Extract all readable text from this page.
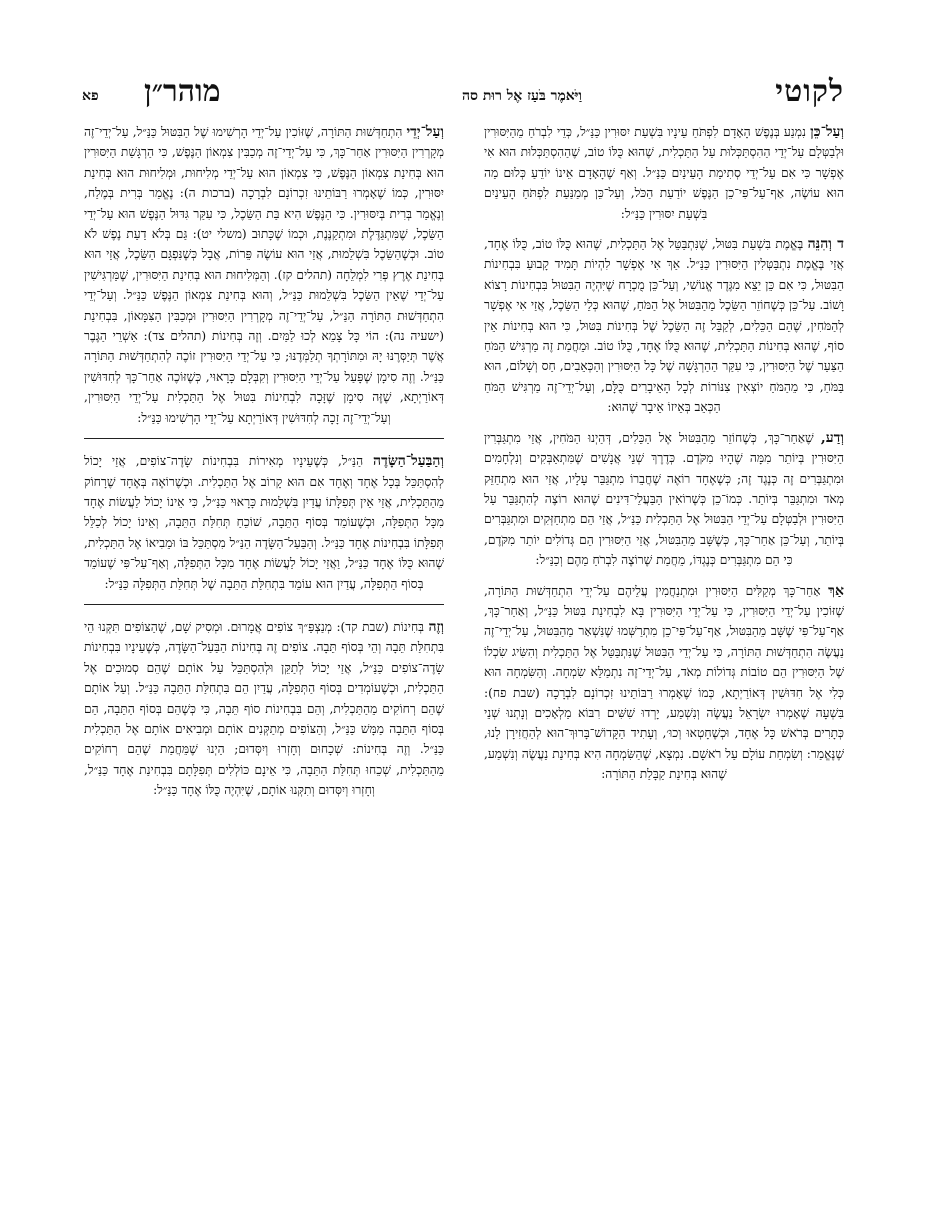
לקוטי
וַיֹּאמֶר בֹּעַז אֶל רוּת סה
מוהר״ן
פא

וְעַל־כֵּן נִמְנַע בְּנֶפֶשׁ הָאָדָם לִפְתֹּחַ עֵינָיו בִּשְׁעַת יִסּוּרִין כַּנַּ״ל, כְּדֵי לִבְרֹחַ מֵהַיִּסּוּרִין וּלְבַטְּלָם עַל־יְדֵי הַהִסְתַּכְּלוּת עַל הַתַּכְלִית, שֶׁהוּא כֻּלּוֹ טוֹב, שֶׁהַהִסְתַּכְּלוּת הוּא אִי אֶפְשָׁר כִּי אִם עַל־יְדֵי סְתִימַת הָעֵינַיִם כַּנַּ״ל. וְאַף שֶׁהָאָדָם אֵינוֹ יוֹדֵעַ כְּלוּם מַה הוּא עוֹשֶׂה, אַף־עַל־פִּי־כֵן הַנֶּפֶשׁ יוֹדַעַת הַכֹּל, וְעַל־כֵּן מְמַנַּעַת לִפְתֹּחַ הָעֵינַיִם בִּשְׁעַת יִסּוּרִין כַּנַּ״ל:

ד וְהִנֵּה בֶּאֱמֶת בִּשְׁעַת בִּטּוּל, שֶׁנִּתְבַּטֵּל אֶל הַתַּכְלִית, שֶׁהוּא כֻּלּוֹ טוֹב, כֻּלּוֹ אֶחָד, אֲזַי בֶּאֱמֶת נִתְבַּטְּלִין הַיִּסּוּרִין כַּנַּ״ל. אַךְ אִי אֶפְשָׁר לִהְיוֹת תָּמִיד קָבוּעַ בִּבְחִינוֹת הַבִּטּוּל, כִּי אִם כֵּן יֵצֵא מִגֶּדֶר אֱנוֹשִׁי, וְעַל־כֵּן מֻכְרָח שֶׁיִּהְיֶה הַבִּטּוּל בִּבְחִינוֹת רָצוֹא וָשׁוֹב. עַל־כֵּן כְּשֶׁחוֹזֵר הַשֵּׂכֶל מֵהַבִּטּוּל אֶל הַמֹּחַ, שֶׁהוּא כְּלֵי הַשֵּׂכֶל, אֲזַי אִי אֶפְשָׁר לְהַמֹּחִין, שֶׁהֵם הַכֵּלִים, לְקַבֵּל זֶה הַשֵּׂכֶל שֶׁל בְּחִינוֹת בִּטּוּל, כִּי הוּא בְּחִינוֹת אֵין סוֹף, שֶׁהוּא בְּחִינוֹת הַתַּכְלִית, שֶׁהוּא כֻּלּוֹ אֶחָד, כֻּלּוֹ טוֹב. וּמֵחֲמַת זֶה מַרְגִּישׁ הַמֹּחַ הַצַּעַר שֶׁל הַיִּסּוּרִין, כִּי עִקַּר הַהַרְגָּשָׁה שֶׁל כָּל הַיִּסּוּרִין וְהַכְּאֵבִים, חַס וְשָׁלוֹם, הוּא בַּמֹּחַ, כִּי מֵהַמֹּחַ יוֹצְאִין צִנּוֹרוֹת לְכָל הָאֵיבָרִים כֻּלָּם, וְעַל־יְדֵי־זֶה מַרְגִּישׁ הַמֹּחַ הַכְּאֵב בְּאֵיזוֹ אֵיבָר שֶׁהוּא:

וְדַע, שֶׁאַחַר־כָּךְ, כְּשֶׁחוֹזֵר מֵהַבִּטּוּל אֶל הַכֵּלִים, דְּהַיְנוּ הַמֹּחִין, אֲזַי מִתְגַּבְּרִין הַיִּסּוּרִין בְּיוֹתֵר מִמָּה שֶׁהָיוּ מִקֹּדֶם. כְּדֶרֶךְ שְׁנֵי אֲנָשִׁים שֶׁמִּתְאַבְּקִים וְנִלְחָמִים וּמִתְגַּבְּרִים זֶה כְּנֶגֶד זֶה; כְּשֶׁאֶחָד רוֹאֶה שֶׁחֲבֵרוֹ מִתְגַּבֵּר עָלָיו, אֲזַי הוּא מִתְחַזֵּק מְאֹד וּמִתְגַּבֵּר בְּיוֹתֵר. כְּמוֹ־כֵן כְּשֶׁרוֹאִין הַבַּעֲלֵי־דִּינִים שֶׁהוּא רוֹצֶה לְהִתְגַּבֵּר עַל הַיִּסּוּרִין וּלְבַטְּלָם עַל־יְדֵי הַבִּטּוּל אֶל הַתַּכְלִית כַּנַּ״ל, אֲזַי הֵם מִתְחַזְּקִים וּמִתְגַּבְּרִים בְּיוֹתֵר, וְעַל־כֵּן אַחַר־כָּךְ, כְּשֶׁשָּׁב מֵהַבִּטּוּל, אֲזַי הַיִּסּוּרִין הֵם גְּדוֹלִים יוֹתֵר מִקֹּדֶם, כִּי הֵם מִתְגַּבְּרִים כְּנֶגְדּוֹ, מֵחֲמַת שֶׁרוֹצֶה לִבְרֹחַ מֵהֶם וְכַנַּ״ל:

אַךְ אַחַר־כָּךְ מְקַלִּים הַיִּסּוּרִין וּמִתְנַחֲמִין עֲלֵיהֶם עַל־יְדֵי הִתְחַדְּשׁוּת הַתּוֹרָה, שֶׁזּוֹכִין עַל־יְדֵי הַיִּסּוּרִין, כִּי עַל־יְדֵי הַיִּסּוּרִין בָּא לִבְחִינַת בִּטּוּל כַּנַּ״ל, וְאַחַר־כָּךְ, אַף־עַל־פִּי שֶׁשָּׁב מֵהַבִּטּוּל, אַף־עַל־פִּי־כֵן מִתְרַשְּׁמוּ שֶׁנִּשְׁאַר מֵהַבִּטּוּל, עַל־יְדֵי־זֶה נַעֲשֶׂה הִתְחַדְּשׁוּת הַתּוֹרָה, כִּי עַל־יְדֵי הַבִּטּוּל שֶׁנִּתְבַּטֵּל אֶל הַתַּכְלִית וְהִשִּׂיג שִׂכְלוֹ שֶׁל הַיִּסּוּרִין הֵם טוֹבוֹת גְּדוֹלוֹת מְאֹד, עַל־יְדֵי־זֶה נִתְמַלֵּא שִׂמְחָה. וְהַשִּׂמְחָה הוּא כְּלִי אֶל חִדּוּשִׁין דְּאוֹרַיְתָא, כְּמוֹ שֶׁאָמְרוּ רַבּוֹתֵינוּ זִכְרוֹנָם לִבְרָכָה (שבת פח): בִּשְׁעָה שֶׁאָמְרוּ יִשְׂרָאֵל נַעֲשֶׂה וְנִשְׁמַע, יָרְדוּ שִׁשִּׁים רִבּוֹא מַלְאָכִים וְנָתְנוּ שְׁנֵי כְּתָרִים בְּרֹאשׁ כָּל אֶחָד, וּכְשֶׁחָטְאוּ וְכוּ׳, וְעָתִיד הַקָּדוֹשׁ־בָּרוּךְ־הוּא לְהַחֲזִירָן לָנוּ, שֶׁנֶּאֱמַר: וְשִׂמְחַת עוֹלָם עַל רֹאשָׁם. נִמְצָא, שֶׁהַשִּׂמְחָה הִיא בְּחִינַת נַעֲשֶׂה וְנִשְׁמַע, שֶׁהוּא בְּחִינַת קַבָּלַת הַתּוֹרָה:

וְעַל־יְדֵי הִתְחַדְּשׁוּת הַתּוֹרָה, שֶׁזּוֹכִין עַל־יְדֵי הָרְשִׁימוּ שֶׁל הַבִּטּוּל כַּנַּ״ל, עַל־יְדֵי־זֶה מְקָרְרִין הַיִּסּוּרִין אַחַר־כָּךְ, כִּי עַל־יְדֵי־זֶה מְכַבִּין צִמְאוֹן הַנֶּפֶשׁ, כִּי הַרְגָּשַׁת הַיִּסּוּרִין הוּא בְּחִינַת צִמְאוֹן הַנֶּפֶשׁ, כִּי צִמְאוֹן הוּא עַל־יְדֵי מְלִיחוּת, וּמְלִיחוּת הוּא בְּחִינַת יִסּוּרִין, כְּמוֹ שֶׁאָמְרוּ רַבּוֹתֵינוּ זִכְרוֹנָם לִבְרָכָה (ברכות ה): נֶאֱמַר בְּרִית בְּמֶלַח, וְנֶאֱמַר בְּרִית בְּיִסּוּרִין. כִּי הַנֶּפֶשׁ הִיא בַּת הַשֵּׂכֶל, כִּי עִקַּר גִּדּוּל הַנֶּפֶשׁ הוּא עַל־יְדֵי הַשֵּׂכֶל, שֶׁמִּתְגַּדֶּלֶת וּמִתְקַנֶּנֶת, וּכְמוֹ שֶׁכָּתוּב (משלי יט): גַּם בְּלֹא דַעַת נֶפֶשׁ לֹא טוֹב. וּכְשֶׁהַשֵּׂכֶל בִּשְׁלֵמוּת, אֲזַי הוּא עוֹשֶׂה פֵּרוֹת, אֲבָל כְּשֶׁנִּפְגָּם הַשֵּׂכֶל, אֲזַי הוּא בְּחִינַת אֶרֶץ פְּרִי לִמְלֵחָה (תהלים קז). וְהַמְּלִיחוּת הוּא בְּחִינַת הַיִּסּוּרִין, שֶׁמַּרְגִּישִׁין עַל־יְדֵי שֶׁאֵין הַשֵּׂכֶל בִּשְׁלֵמוּת כַּנַּ״ל, וְהוּא בְּחִינַת צִמְאוֹן הַנֶּפֶשׁ כַּנַּ״ל. וְעַל־יְדֵי הִתְחַדְּשׁוּת הַתּוֹרָה הַנַּ״ל, עַל־יְדֵי־זֶה מְקָרְרִין הַיִּסּוּרִין וּמְכַבִּין הַצִּמָּאוֹן, בִּבְחִינַת (ישעיה נה): הוֹי כָּל צָמֵא לְכוּ לַמַּיִם. וְזֶה בְּחִינוֹת (תהלים צד): אַשְׁרֵי הַגֶּבֶר אֲשֶׁר תְּיַסְּרֶנּוּ יָהּ וּמִתּוֹרָתְךָ תְלַמְּדֶנּוּ; כִּי עַל־יְדֵי הַיִּסּוּרִין זוֹכֶה לְהִתְחַדְּשׁוּת הַתּוֹרָה כַּנַּ״ל. וְזֶה סִימָן שֶׁפָּעַל עַל־יְדֵי הַיִּסּוּרִין וְקִבְּלָם כָּרָאוּי, כְּשֶׁזּוֹכֶה אַחַר־כָּךְ לְחִדּוּשִׁין דְּאוֹרַיְתָא, שֶׁזֶּה סִימָן שֶׁזָּכָה לִבְחִינוֹת בִּטּוּל אֶל הַתַּכְלִית עַל־יְדֵי הַיִּסּוּרִין, וְעַל־יְדֵי־זֶה זָכָה לְחִדּוּשִׁין דְּאוֹרַיְתָא עַל־יְדֵי הָרְשִׁימוּ כַּנַּ״ל:

וְהַבַּעַל־הַשָּׂדֶה הַנַּ״ל, כְּשֶׁעֵינָיו מְאִירוֹת בִּבְחִינוֹת שָׂדֶה־צוֹפִים, אֲזַי יָכוֹל לְהִסְתַּכֵּל בְּכָל אֶחָד וְאֶחָד אִם הוּא קָרוֹב אֶל הַתַּכְלִית. וּכְשֶׁרוֹאֶה בְּאֶחָד שֶׁרָחוֹק מֵהַתַּכְלִית, אֲזַי אֵין תְּפִלָּתוֹ עֲדַיִן בִּשְׁלֵמוּת כָּרָאוּי כַּנַּ״ל, כִּי אֵינוֹ יָכוֹל לַעֲשׂוֹת אֶחָד מִכָּל הַתְּפִלָּה, וּכְשֶׁעוֹמֵד בְּסוֹף הַתֵּבָה, שׁוֹכֵחַ תְּחִלַּת הַתֵּבָה, וְאֵינוֹ יָכוֹל לְכַלֵּל תְּפִלָּתוֹ בִּבְחִינוֹת אֶחָד כַּנַּ״ל. וְהַבַּעַל־הַשָּׂדֶה הַנַּ״ל מִסְתַּכֵּל בּוֹ וּמֵבִיאוֹ אֶל הַתַּכְלִית, שֶׁהוּא כֻּלּוֹ אֶחָד כַּנַּ״ל, וַאֲזַי יָכוֹל לַעֲשׂוֹת אֶחָד מִכָּל הַתְּפִלָּה, וְאַף־עַל־פִּי שֶׁעוֹמֵד בְּסוֹף הַתְּפִלָּה, עֲדַיִן הוּא עוֹמֵד בִּתְחִלַּת הַתֵּבָה שֶׁל תְּחִלַּת הַתְּפִלָּה כַּנַּ״ל:

וְזֶה בְּחִינוֹת (שבת קד): מְנַצְפַּ״ךְ צוֹפִים אֲמָרוּם. וּמְסִיק שָׁם, שֶׁהַצּוֹפִים תִּקְּנוּ הֵי בִּתְחִלַּת תֵּבָה וְהֵי בְּסוֹף תֵּבָה. צוֹפִים זֶה בְּחִינוֹת הַבַּעַל־הַשָּׂדֶה, כְּשֶׁעֵינָיו בִּבְחִינוֹת שָׂדֶה־צוֹפִים כַּנַּ״ל, אֲזַי יָכוֹל לְתַקֵּן וּלְהִסְתַּכֵּל עַל אוֹתָם שֶׁהֵם סְמוּכִים אֶל הַתַּכְלִית, וּכְשֶׁעוֹמְדִים בְּסוֹף הַתְּפִלָּה, עֲדַיִן הֵם בִּתְחִלַּת הַתֵּבָה כַּנַּ״ל. וְעַל אוֹתָם שֶׁהֵם רְחוֹקִים מֵהַתַּכְלִית, וְהֵם בִּבְחִינוֹת סוֹף תֵּבָה, כִּי כְּשֶׁהֵם בְּסוֹף הַתֵּבָה, הֵם בְּסוֹף הַתֵּבָה מַמָּשׁ כַּנַּ״ל, וְהַצּוֹפִים מְתַקְּנִים אוֹתָם וּמְבִיאִים אוֹתָם אֶל הַתַּכְלִית כַּנַּ״ל. וְזֶה בְּחִינוֹת: שְׁכָחוּם וְחָזְרוּ וְיִסְּדוּם; הַיְנוּ שֶׁמֵּחֲמַת שֶׁהֵם רְחוֹקִים מֵהַתַּכְלִית, שְׁכֵחוּ תְּחִלַּת הַתֵּבָה, כִּי אֵינָם כּוֹלְלִים תְּפִלָּתָם בִּבְחִינַת אֶחָד כַּנַּ״ל, וְחָזְרוּ וְיִסְּדוּם וְתִקְּנוּ אוֹתָם, שֶׁיִּהְיֶה כֻּלּוֹ אֶחָד כַּנַּ״ל:
